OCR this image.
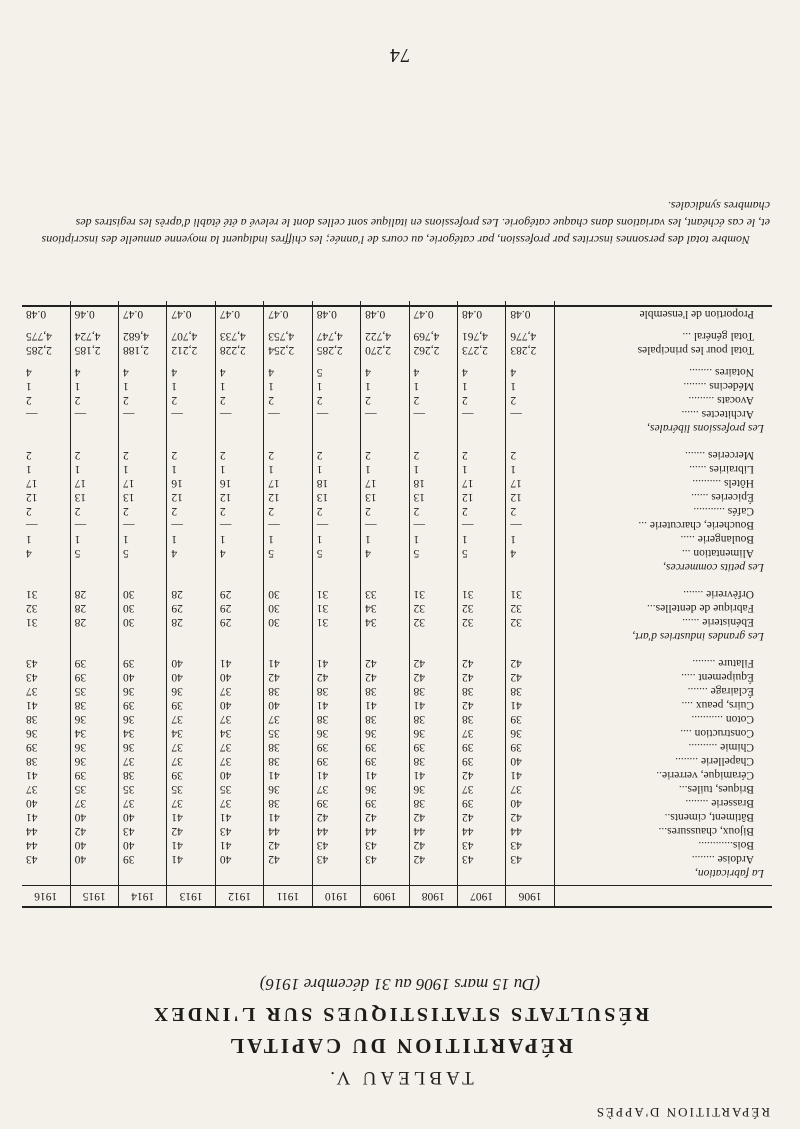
RÉPARTITION D'APPÈS
TABLEAU V.
RÉPARTITION DU CAPITAL
RÉSULTATS STATISTIQUES SUR L'INDEX
(Du 15 mars 1906 au 31 décembre 1916)
	1906	1907	1908	1909	1910	1911	1912	1913	1914	1915	1916
La fabrication,											
Ardoise ........	43	43	42	43	43	42	40	41	39	40	43
Bois............	43	43	42	43	43	42	41	41	40	40	44
Bijoux, chaussures...	44	44	44	44	44	44	43	42	43	42	44
Bâtiment, ciments..	42	42	42	42	42	41	41	41	40	40	41
Brasserie ........	40	39	38	39	39	38	37	37	37	37	40
Briques, tuiles...	37	37	36	36	37	36	35	35	35	35	37
Céramique, verrerie..	41	42	41	41	41	41	40	39	38	39	41
Chapellerie ........	40	39	38	39	39	38	37	37	37	36	38
Chimie ..........	39	39	39	39	39	38	37	37	36	36	39
Construction ....	36	37	36	36	36	35	34	34	34	34	36
Coton ...........	39	38	38	38	38	37	37	37	36	36	38
Cuirs, peaux ....	41	42	41	41	41	40	40	39	39	38	41
Éclairage .......	38	38	38	38	38	38	37	36	36	35	37
Équipement .....	42	42	42	42	42	42	40	40	40	39	43
Filature ........	42	42	42	42	41	41	41	40	39	39	43

Les grandes industries d'art,											
Ebénisterie ......	32	32	32	34	31	30	29	28	30	28	31
Fabrique de dentelles...	32	32	32	34	31	30	29	29	30	28	32
Orfèvrerie .......	31	31	31	33	31	30	29	28	30	28	31

Les petits commerces,											
Alimentation ...	4	5	5	4	5	5	4	4	5	5	4
Boulangerie .....	1	1	1	1	1	1	1	1	1	1	1
Boucherie, charcuterie ...	—	—	—	—	—	—	—	—	—	—	—
Cafés ...........	2	2	2	2	2	2	2	2	2	2	2
Épiceries ......	12	12	13	13	13	12	12	12	13	13	12
Hôtels ..........	17	17	18	17	18	17	16	16	17	17	17
Librairies ......	1	1	1	1	1	1	1	1	1	1	1
Merceries .......	2	2	2	2	2	2	2	2	2	2	2

Les professions libérales,											
Architectes ......	—	—	—	—	—	—	—	—	—	—	—
Avocats .........	2	2	2	2	2	2	2	2	2	2	2
Médecins ........	1	1	1	1	1	1	1	1	1	1	1
Notaires ........	4	4	4	4	5	4	4	4	4	4	4

Total pour les principales	2,283	2,273	2,262	2,270	2,285	2,254	2,228	2,212	2,188	2,185	2,285
Total général ...	4,776	4,761	4,769	4,722	4,747	4,753	4,733	4,707	4,682	4,724	4,775

Proportion de l'ensemble	0.48	0.48	0.47	0.48	0.48	0.47	0.47	0.47	0.47	0.46	0.48

Nombre total des personnes inscrites par profession, par catégorie, au cours de l'année; les chiffres indiquent la moyenne annuelle des inscriptions et, le cas échéant, les variations dans chaque catégorie. Les professions en italique sont celles dont le relevé a été établi d'après les registres des chambres syndicales.
74
